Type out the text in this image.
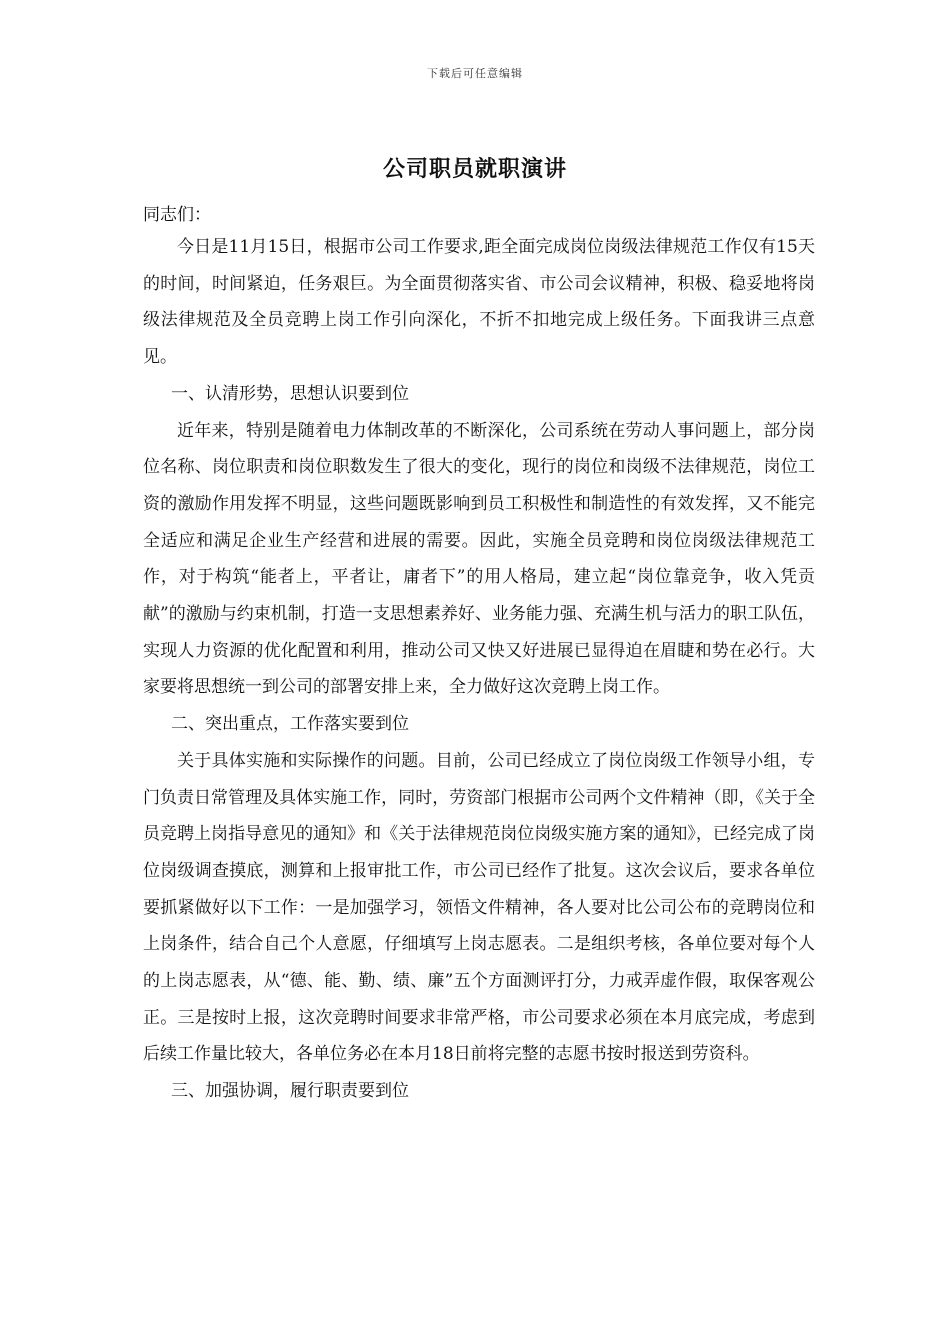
下载后可任意编辑
公司职员就职演讲
同志们：

今日是11月15日，根据市公司工作要求,距全面完成岗位岗级法律规范工作仅有15天的时间，时间紧迫，任务艰巨。为全面贯彻落实省、市公司会议精神，积极、稳妥地将岗级法律规范及全员竞聘上岗工作引向深化，不折不扣地完成上级任务。下面我讲三点意见。

一、认清形势，思想认识要到位

近年来，特别是随着电力体制改革的不断深化，公司系统在劳动人事问题上，部分岗位名称、岗位职责和岗位职数发生了很大的变化，现行的岗位和岗级不法律规范，岗位工资的激励作用发挥不明显，这些问题既影响到员工积极性和制造性的有效发挥，又不能完全适应和满足企业生产经营和进展的需要。因此，实施全员竞聘和岗位岗级法律规范工作，对于构筑“能者上，平者让，庸者下”的用人格局，建立起“岗位靠竞争，收入凭贡献”的激励与约束机制，打造一支思想素养好、业务能力强、充满生机与活力的职工队伍，实现人力资源的优化配置和利用，推动公司又快又好进展已显得迫在眉睫和势在必行。大家要将思想统一到公司的部署安排上来，全力做好这次竞聘上岗工作。

二、突出重点，工作落实要到位

关于具体实施和实际操作的问题。目前，公司已经成立了岗位岗级工作领导小组，专门负责日常管理及具体实施工作，同时，劳资部门根据市公司两个文件精神（即，《关于全员竞聘上岗指导意见的通知》和《关于法律规范岗位岗级实施方案的通知》，已经完成了岗位岗级调查摸底，测算和上报审批工作，市公司已经作了批复。这次会议后，要求各单位要抓紧做好以下工作：一是加强学习，领悟文件精神，各人要对比公司公布的竞聘岗位和上岗条件，结合自己个人意愿，仔细填写上岗志愿表。二是组织考核，各单位要对每个人的上岗志愿表，从“德、能、勤、绩、廉”五个方面测评打分，力戒弄虚作假，取保客观公正。三是按时上报，这次竞聘时间要求非常严格，市公司要求必须在本月底完成，考虑到后续工作量比较大，各单位务必在本月18日前将完整的志愿书按时报送到劳资科。

三、加强协调，履行职责要到位
